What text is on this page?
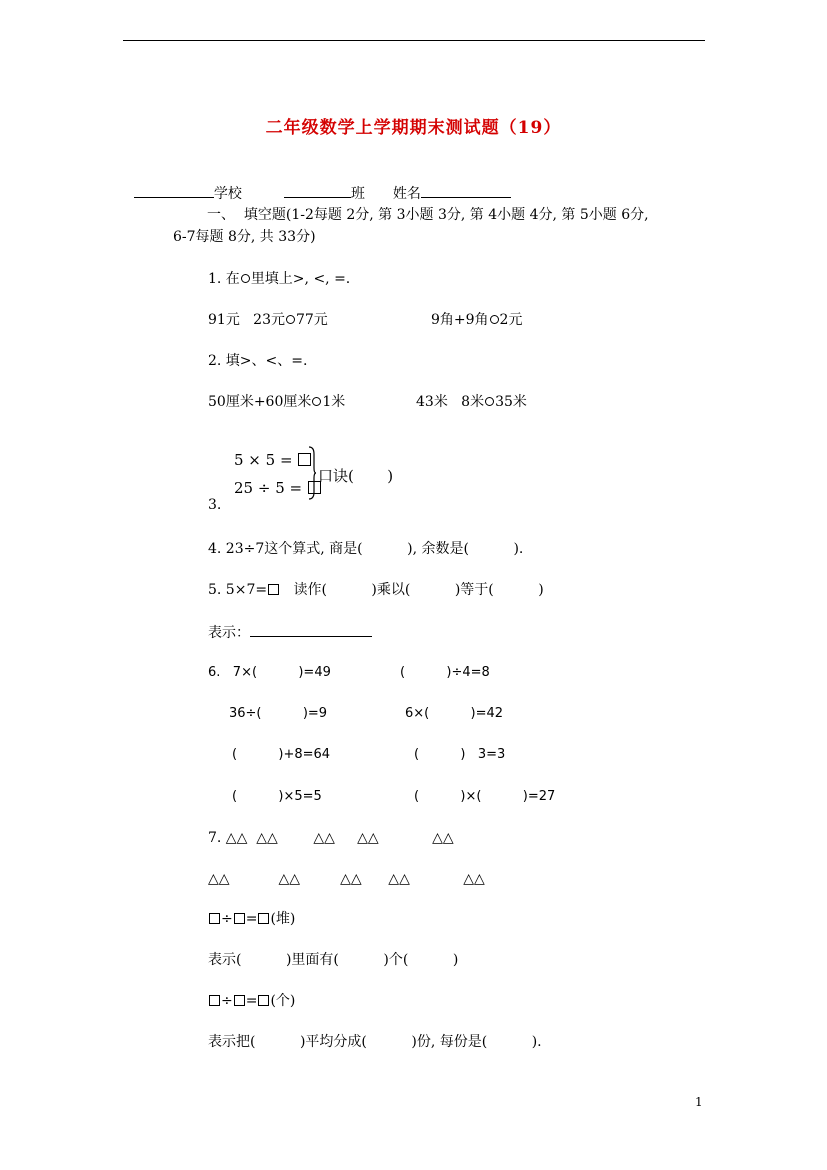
二年级数学上学期期末测试题（19）

学校	班 姓名

一、  填空题(1-2每题 2分, 第 3小题 3分, 第 4小题 4分, 第 5小题 6分,
6-7每题 8分, 共 33分)
1. 在 里填上>, <, =.
91元   23元 77元	9角+9角 2元
2. 填>、<、=.
50厘米+60厘米 1米	43米   8米 35米
5 × 5 =
25 ÷ 5 =
口诀(       )
3.
4. 23÷7这个算式, 商是(          ), 余数是(          ).
5. 5×7=   读作(          )乘以(          )等于(          )
表示：
6.   7×(          )=49	(          )÷4=8
36÷(          )=9	6×(          )=42
(          )+8=64	(          )   3=3
(          )×5=5	(          )×(          )=27
7. △△  △△        △△     △△            △△
△△           △△         △△      △△            △△
÷ = (堆)
表示(          )里面有(          )个(          )
÷ = (个)
表示把(          )平均分成(          )份, 每份是(          ).
1
